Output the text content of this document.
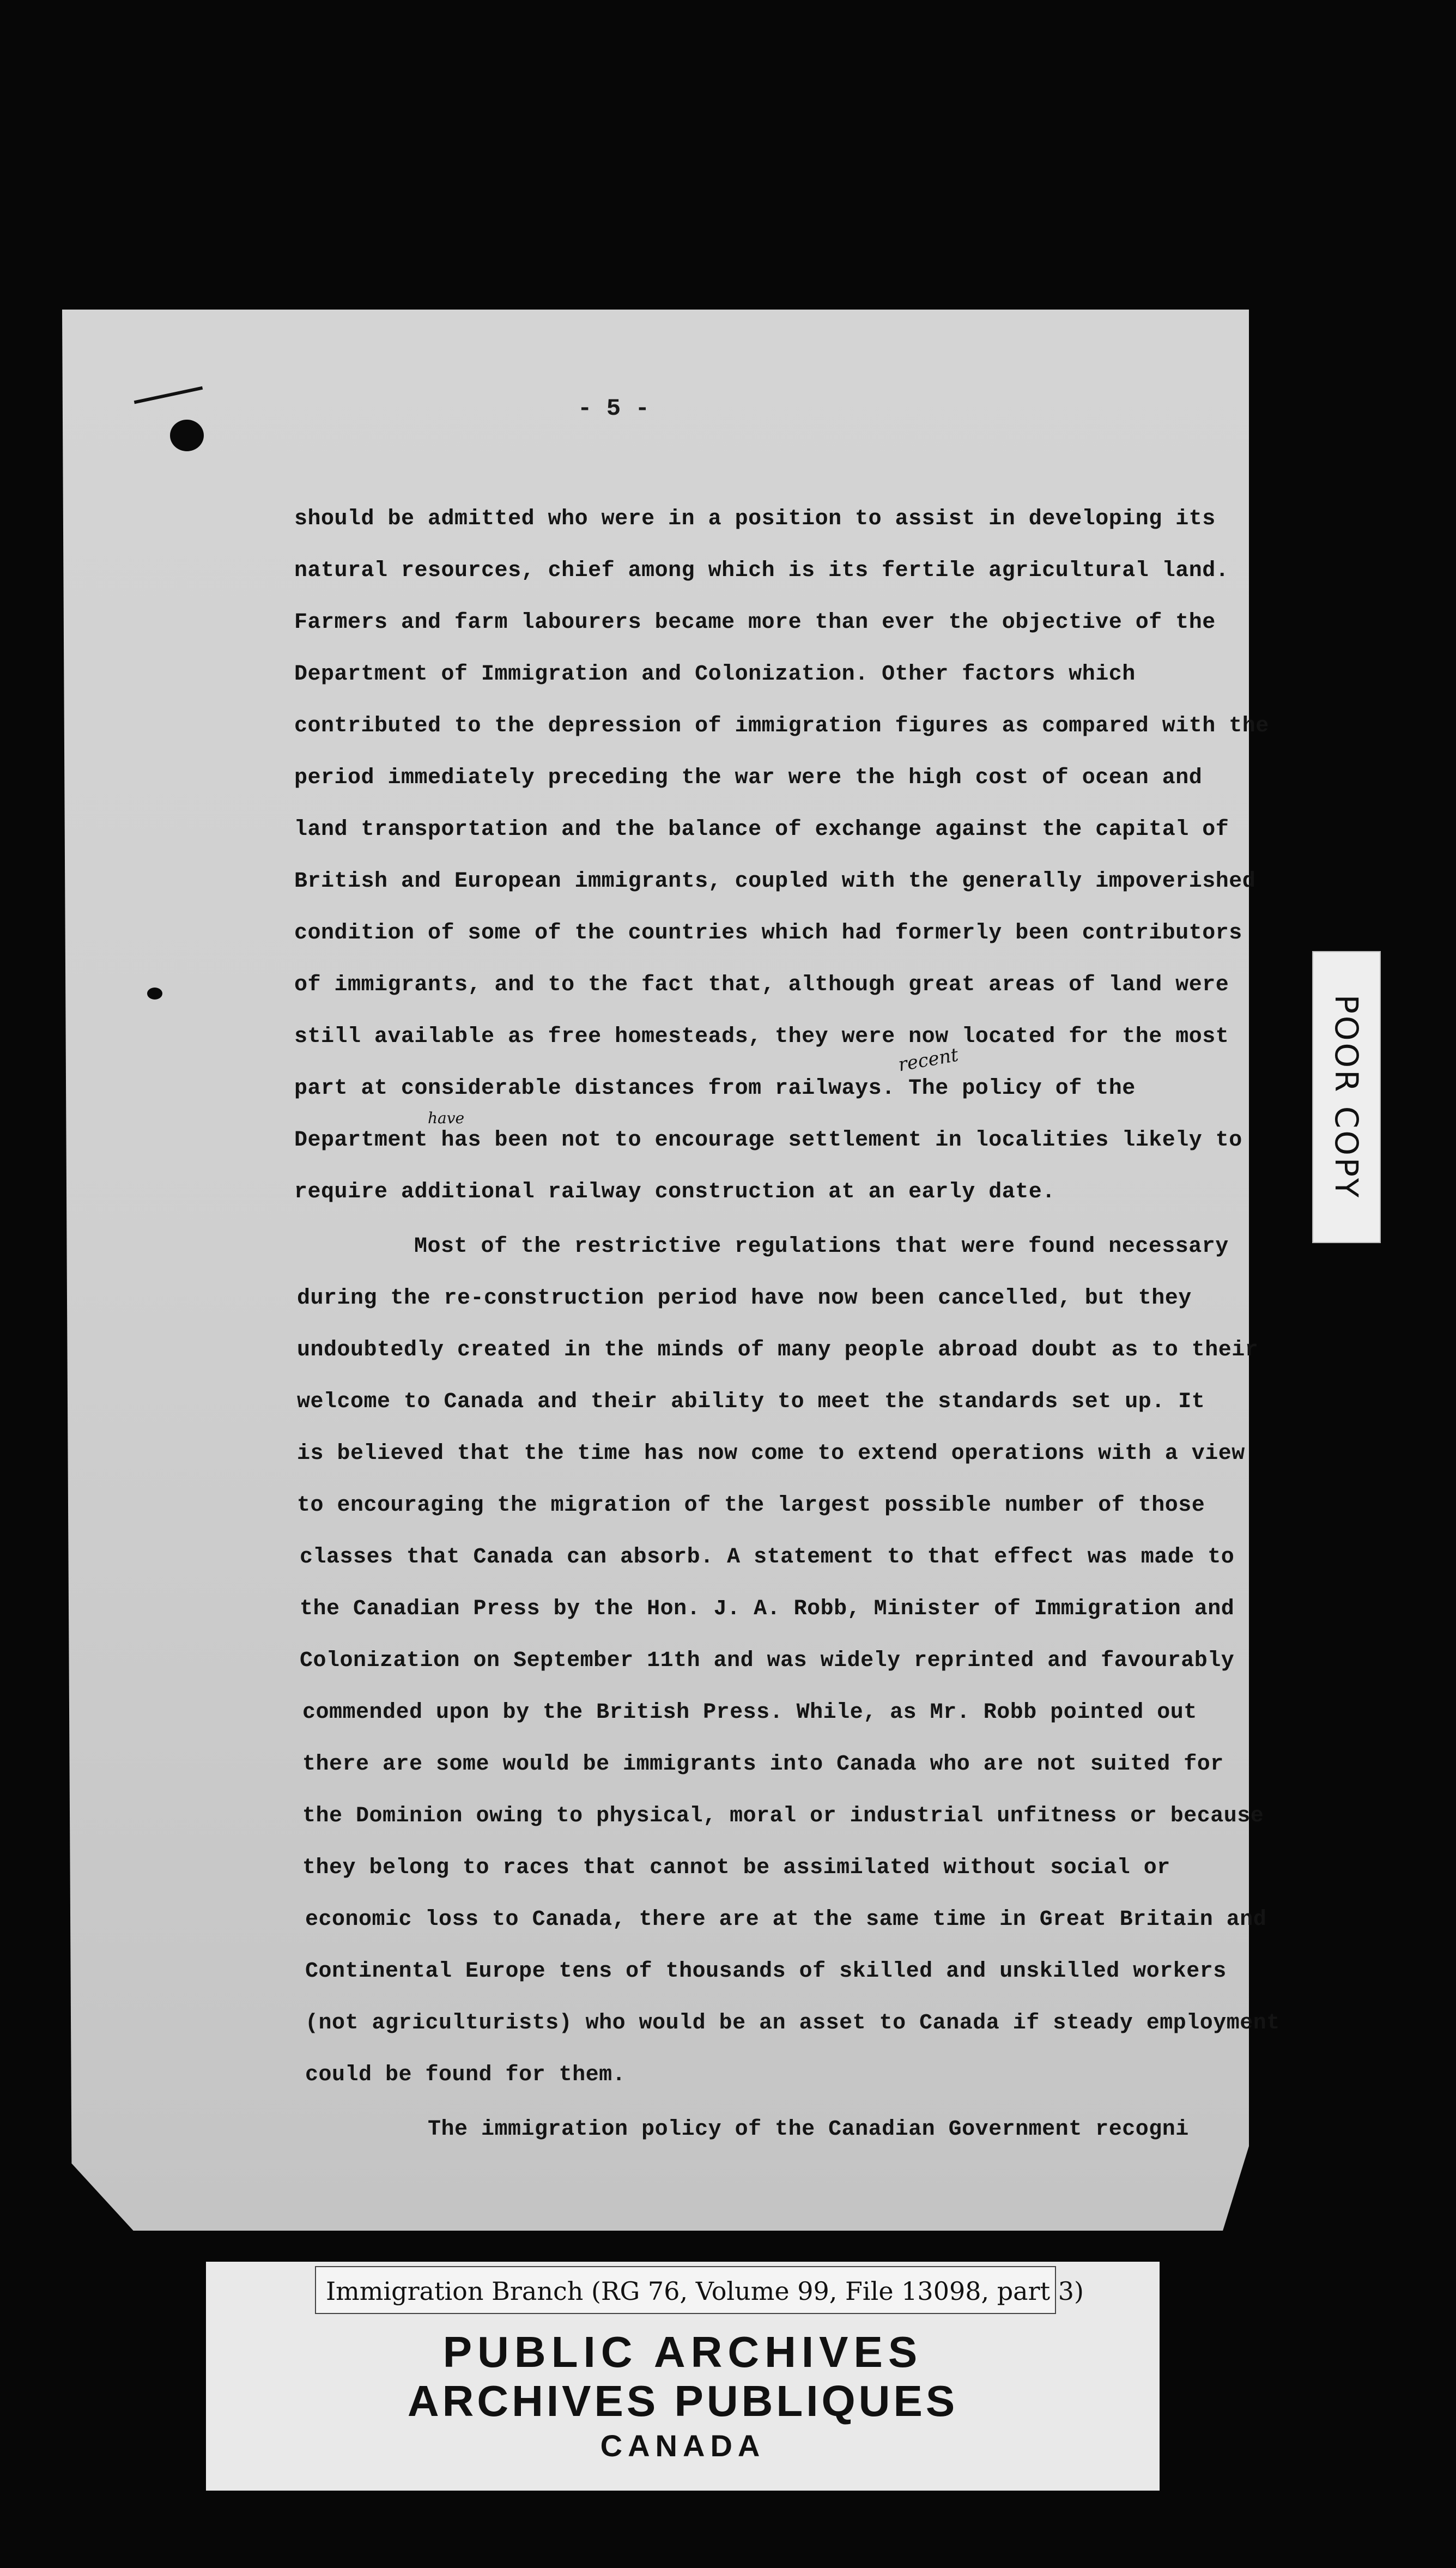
- 5 -
should be admitted who were in a position to assist in developing its
natural resources, chief among which is its fertile agricultural land.
Farmers and farm labourers became more than ever the objective of the
Department of Immigration and Colonization. Other factors which
contributed to the depression of immigration figures as compared with the
period immediately preceding the war were the high cost of ocean and
land transportation and the balance of exchange against the capital of
British and European immigrants, coupled with the generally impoverished
condition of some of the countries which had formerly been contributors
of immigrants, and to the fact that, although great areas of land were
still available as free homesteads, they were now located for the most
part at considerable distances from railways. The policy of the
Department has been not to encourage settlement in localities likely to
require additional railway construction at an early date.
Most of the restrictive regulations that were found necessary
during the re-construction period have now been cancelled, but they
undoubtedly created in the minds of many people abroad doubt as to their
welcome to Canada and their ability to meet the standards set up. It
is believed that the time has now come to extend operations with a view
to encouraging the migration of the largest possible number of those
classes that Canada can absorb. A statement to that effect was made to
the Canadian Press by the Hon. J. A. Robb, Minister of Immigration and
Colonization on September 11th and was widely reprinted and favourably
commended upon by the British Press. While, as Mr. Robb pointed out
there are some would be immigrants into Canada who are not suited for
the Dominion owing to physical, moral or industrial unfitness or because
they belong to races that cannot be assimilated without social or
economic loss to Canada, there are at the same time in Great Britain and
Continental Europe tens of thousands of skilled and unskilled workers
(not agriculturists) who would be an asset to Canada if steady employment
could be found for them.
The immigration policy of the Canadian Government recogni
recent
have	POOR COPY
PUBLIC ARCHIVES
ARCHIVES PUBLIQUES
CANADA
Immigration Branch (RG 76, Volume 99, File 13098, part 3)
